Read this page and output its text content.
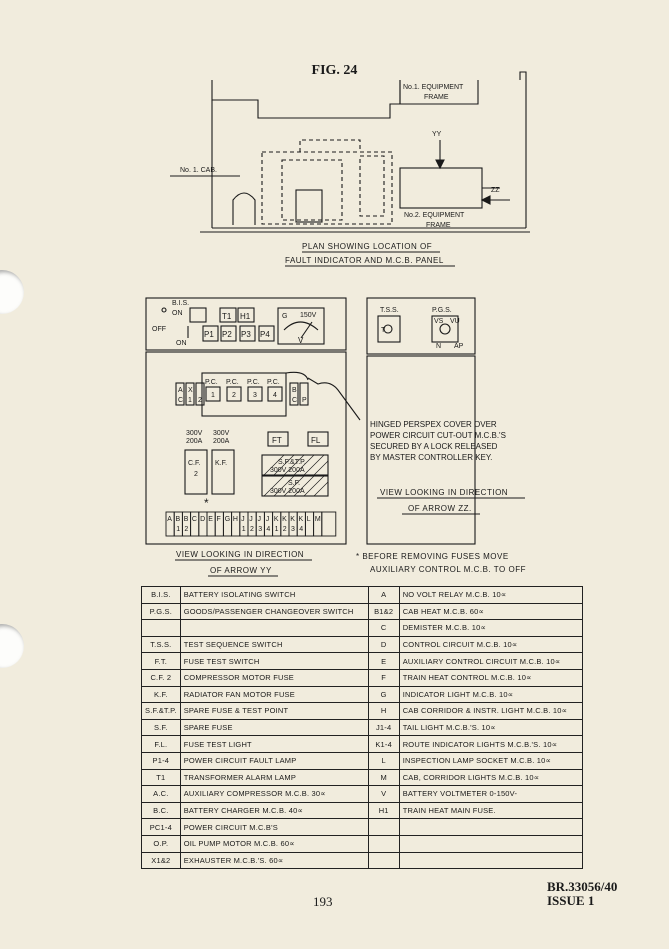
FIG. 24
No.1. EQUIPMENT
FRAME
No. 1. CAB.
YY
ZZ
No.2. EQUIPMENT
FRAME
PLAN SHOWING LOCATION OF
FAULT INDICATOR AND M.C.B. PANEL
B.I.S.
ON
OFF
ON
T1 H1
P1 P2 P3 P4
G 150V
V
A X
C 1 2
P.C. P.C. P.C. P.C.
1 2 3 4
B
C P
300V
200A
C.F.
2
300V
200A
K.F.
FT	FL
S.F.&T.P.
300V 200A
S.F.
300V 200A
*
A B
1
B
2
C D E F G H J
1
J
2
J
3
J
4
K
1
K
2
K
3
K
4
L M
VIEW LOOKING IN DIRECTION
OF ARROW YY
T.S.S.
T
P.G.S.
VS VU
N AP
HINGED PERSPEX COVER OVER
POWER CIRCUIT CUT-OUT M.C.B.'S
SECURED BY A LOCK RELEASED
BY MASTER CONTROLLER KEY.
VIEW LOOKING IN DIRECTION
OF ARROW ZZ.
* BEFORE REMOVING FUSES MOVE
AUXILIARY CONTROL M.C.B. TO OFF
B.I.S.	BATTERY ISOLATING SWITCH	A	NO VOLT RELAY M.C.B. 10∝
P.G.S.	GOODS/PASSENGER CHANGEOVER SWITCH	B1&2	CAB HEAT M.C.B. 60∝
		C	DEMISTER M.C.B. 10∝
T.S.S.	TEST SEQUENCE SWITCH	D	CONTROL CIRCUIT M.C.B. 10∝
F.T.	FUSE TEST SWITCH	E	AUXILIARY CONTROL CIRCUIT M.C.B. 10∝
C.F. 2	COMPRESSOR MOTOR FUSE	F	TRAIN HEAT CONTROL M.C.B. 10∝
K.F.	RADIATOR FAN MOTOR FUSE	G	INDICATOR LIGHT M.C.B. 10∝
S.F.&T.P.	SPARE FUSE & TEST POINT	H	CAB CORRIDOR & INSTR. LIGHT M.C.B. 10∝
S.F.	SPARE FUSE	J1-4	TAIL LIGHT M.C.B.'S. 10∝
F.L.	FUSE TEST LIGHT	K1-4	ROUTE INDICATOR LIGHTS M.C.B.'S. 10∝
P1-4	POWER CIRCUIT FAULT LAMP	L	INSPECTION LAMP SOCKET M.C.B. 10∝
T1	TRANSFORMER ALARM LAMP	M	CAB, CORRIDOR LIGHTS M.C.B. 10∝
A.C.	AUXILIARY COMPRESSOR M.C.B. 30∝	V	BATTERY VOLTMETER 0-150V-
B.C.	BATTERY CHARGER M.C.B. 40∝	H1	TRAIN HEAT MAIN FUSE.
PC1-4	POWER CIRCUIT M.C.B'S		
O.P.	OIL PUMP MOTOR M.C.B. 60∝		
X1&2	EXHAUSTER M.C.B.'S. 60∝		
193
BR.33056/40
ISSUE 1
